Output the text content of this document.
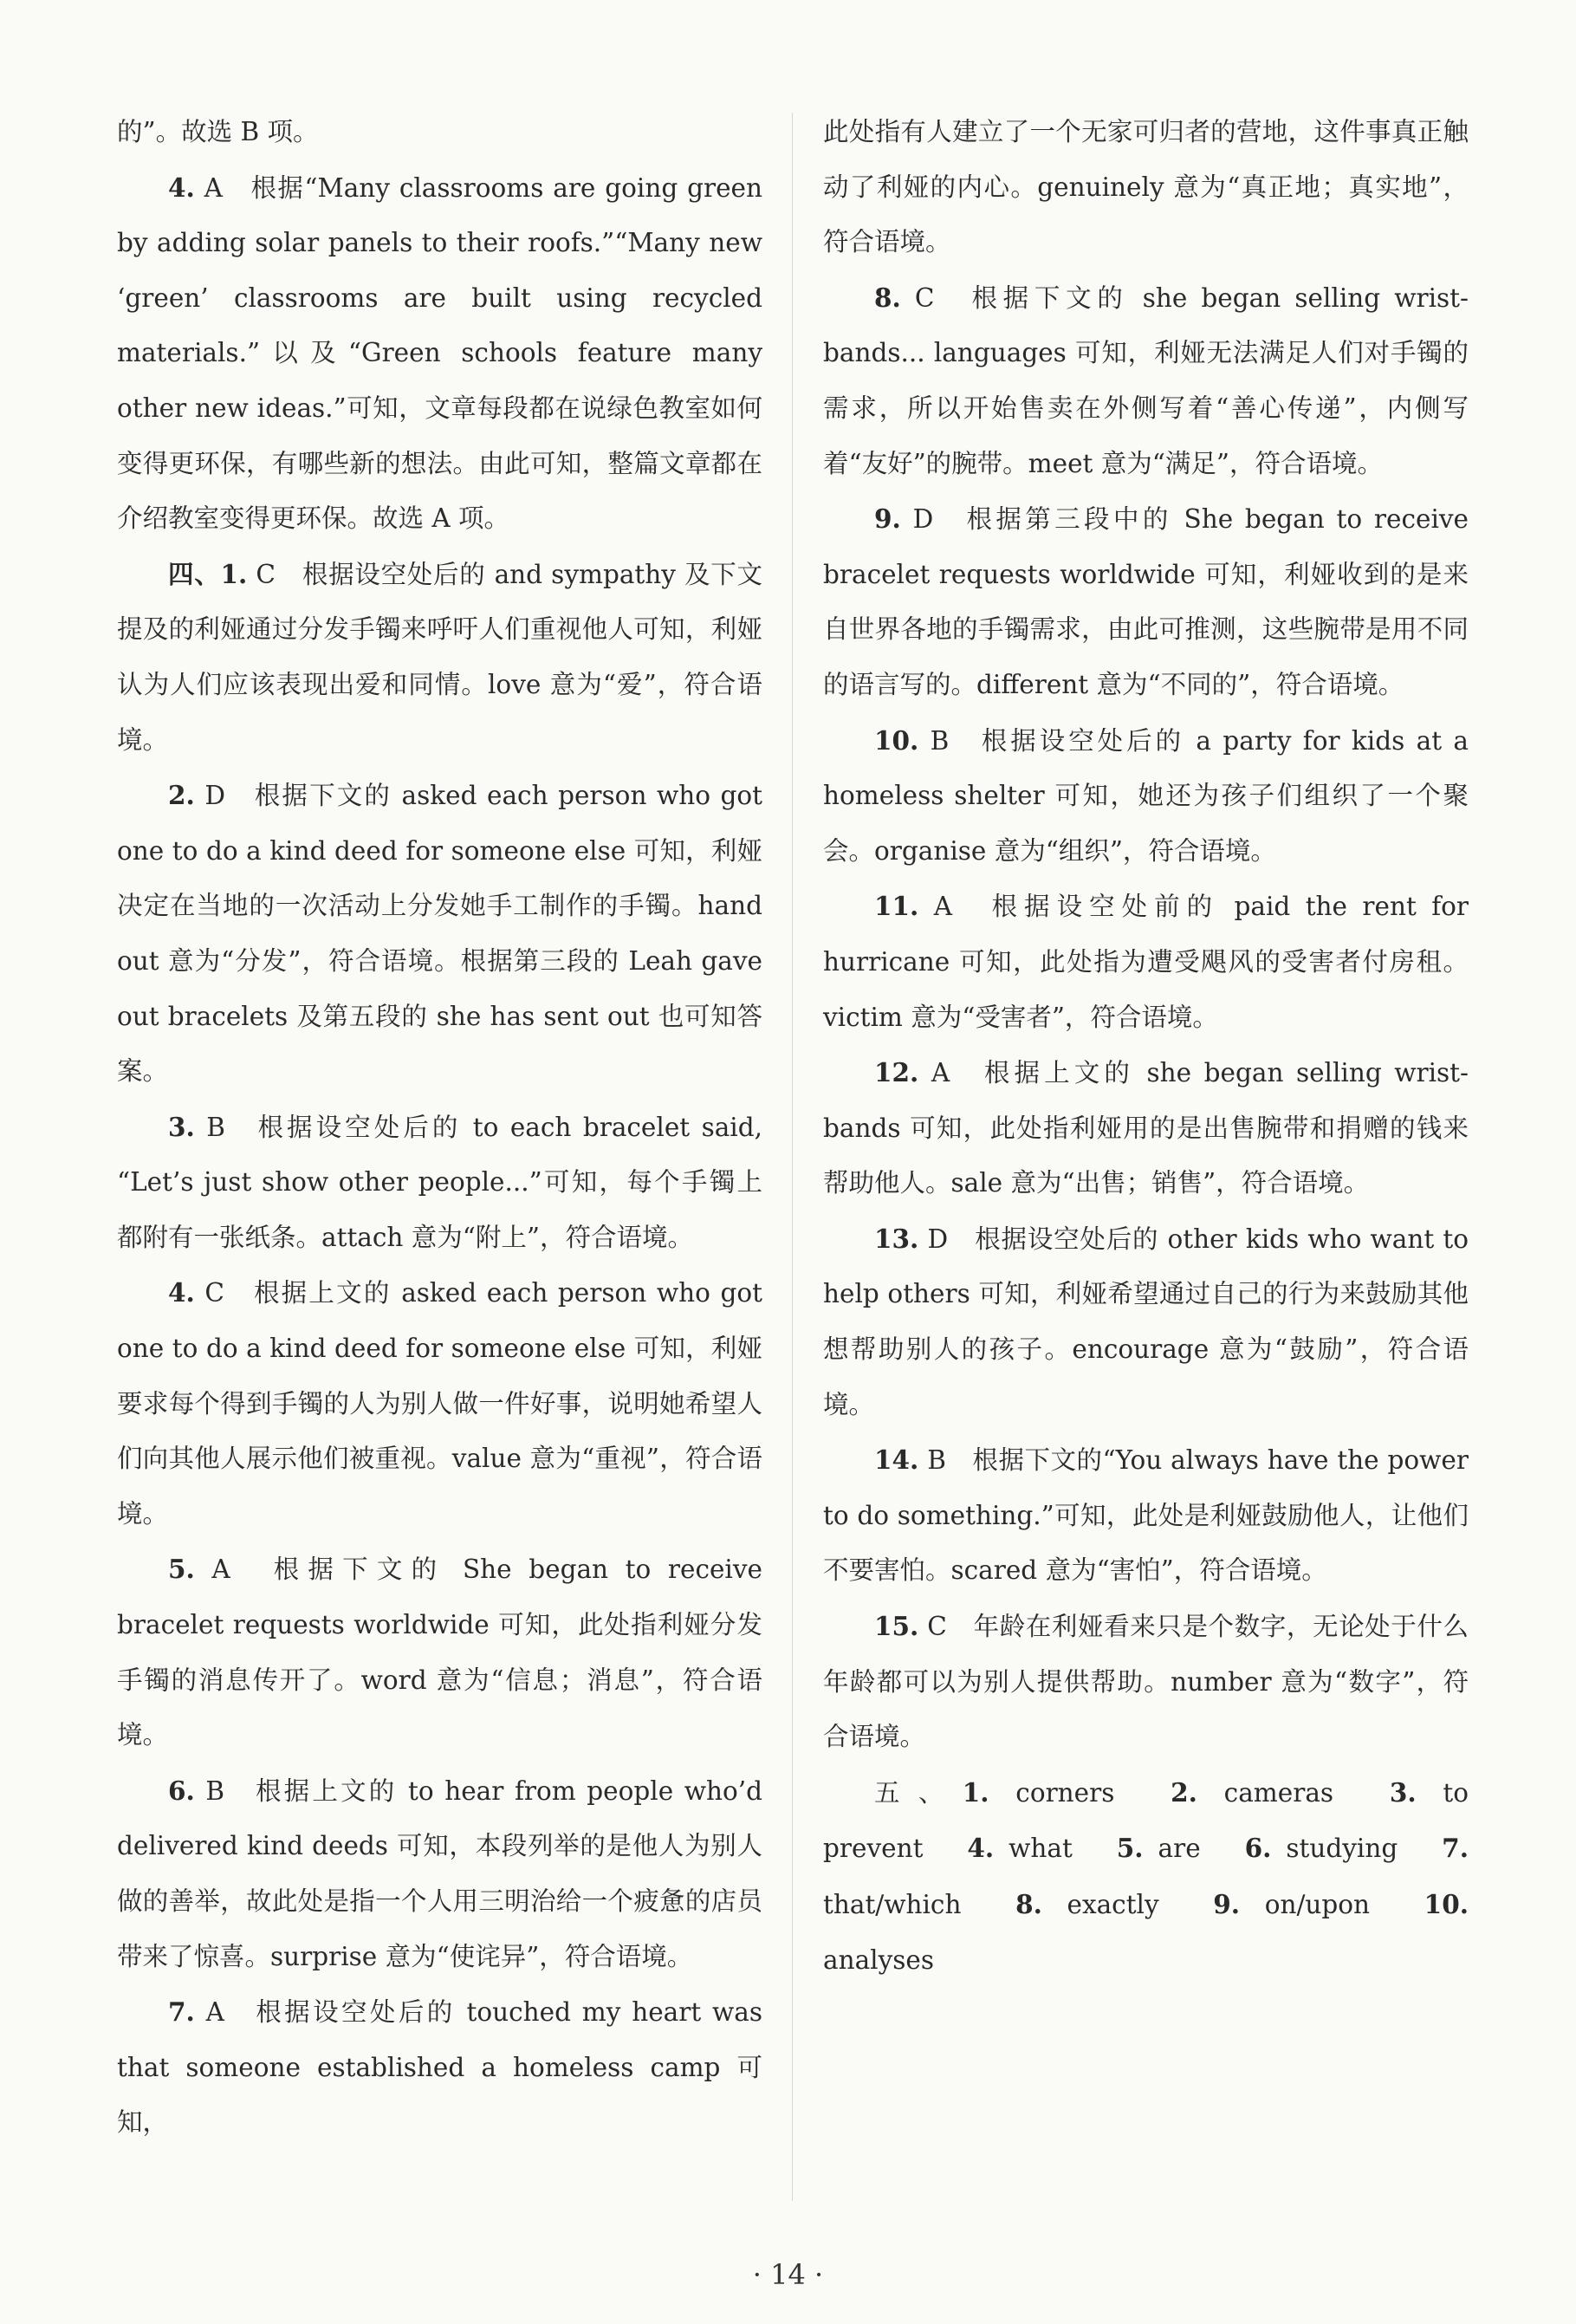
的”。故选 B 项。

4. A　根据“Many classrooms are going green by adding solar panels to their roofs.”“Many new ‘green’ classrooms are built using recycled materials.”以及“Green schools feature many other new ideas.”可知，文章每段都在说绿色教室如何变得更环保，有哪些新的想法。由此可知，整篇文章都在介绍教室变得更环保。故选 A 项。

四、1. C　根据设空处后的 and sympathy 及下文提及的利娅通过分发手镯来呼吁人们重视他人可知，利娅认为人们应该表现出爱和同情。love 意为“爱”，符合语境。

2. D　根据下文的 asked each person who got one to do a kind deed for someone else 可知，利娅决定在当地的一次活动上分发她手工制作的手镯。hand out 意为“分发”，符合语境。根据第三段的 Leah gave out bracelets 及第五段的 she has sent out 也可知答案。

3. B　根据设空处后的 to each bracelet said, “Let’s just show other people...”可知，每个手镯上都附有一张纸条。attach 意为“附上”，符合语境。

4. C　根据上文的 asked each person who got one to do a kind deed for someone else 可知，利娅要求每个得到手镯的人为别人做一件好事，说明她希望人们向其他人展示他们被重视。value 意为“重视”，符合语境。

5. A　根据下文的 She began to receive bracelet requests worldwide 可知，此处指利娅分发手镯的消息传开了。word 意为“信息；消息”，符合语境。

6. B　根据上文的 to hear from people who’d delivered kind deeds 可知，本段列举的是他人为别人做的善举，故此处是指一个人用三明治给一个疲惫的店员带来了惊喜。surprise 意为“使诧异”，符合语境。

7. A　根据设空处后的 touched my heart was that someone established a homeless camp 可知，

此处指有人建立了一个无家可归者的营地，这件事真正触动了利娅的内心。genuinely 意为“真正地；真实地”，符合语境。

8. C　根据下文的 she began selling wrist-bands... languages 可知，利娅无法满足人们对手镯的需求，所以开始售卖在外侧写着“善心传递”，内侧写着“友好”的腕带。meet 意为“满足”，符合语境。

9. D　根据第三段中的 She began to receive bracelet requests worldwide 可知，利娅收到的是来自世界各地的手镯需求，由此可推测，这些腕带是用不同的语言写的。different 意为“不同的”，符合语境。

10. B　根据设空处后的 a party for kids at a homeless shelter 可知，她还为孩子们组织了一个聚会。organise 意为“组织”，符合语境。

11. A　根据设空处前的 paid the rent for hurricane 可知，此处指为遭受飓风的受害者付房租。victim 意为“受害者”，符合语境。

12. A　根据上文的 she began selling wrist-bands 可知，此处指利娅用的是出售腕带和捐赠的钱来帮助他人。sale 意为“出售；销售”，符合语境。

13. D　根据设空处后的 other kids who want to help others 可知，利娅希望通过自己的行为来鼓励其他想帮助别人的孩子。encourage 意为“鼓励”，符合语境。

14. B　根据下文的“You always have the power to do something.”可知，此处是利娅鼓励他人，让他们不要害怕。scared 意为“害怕”，符合语境。

15. C　年龄在利娅看来只是个数字，无论处于什么年龄都可以为别人提供帮助。number 意为“数字”，符合语境。

五、1. corners 2. cameras 3. to prevent 4. what 5. are 6. studying 7. that/which 8. exactly 9. on/upon 10. analyses

· 14 ·
